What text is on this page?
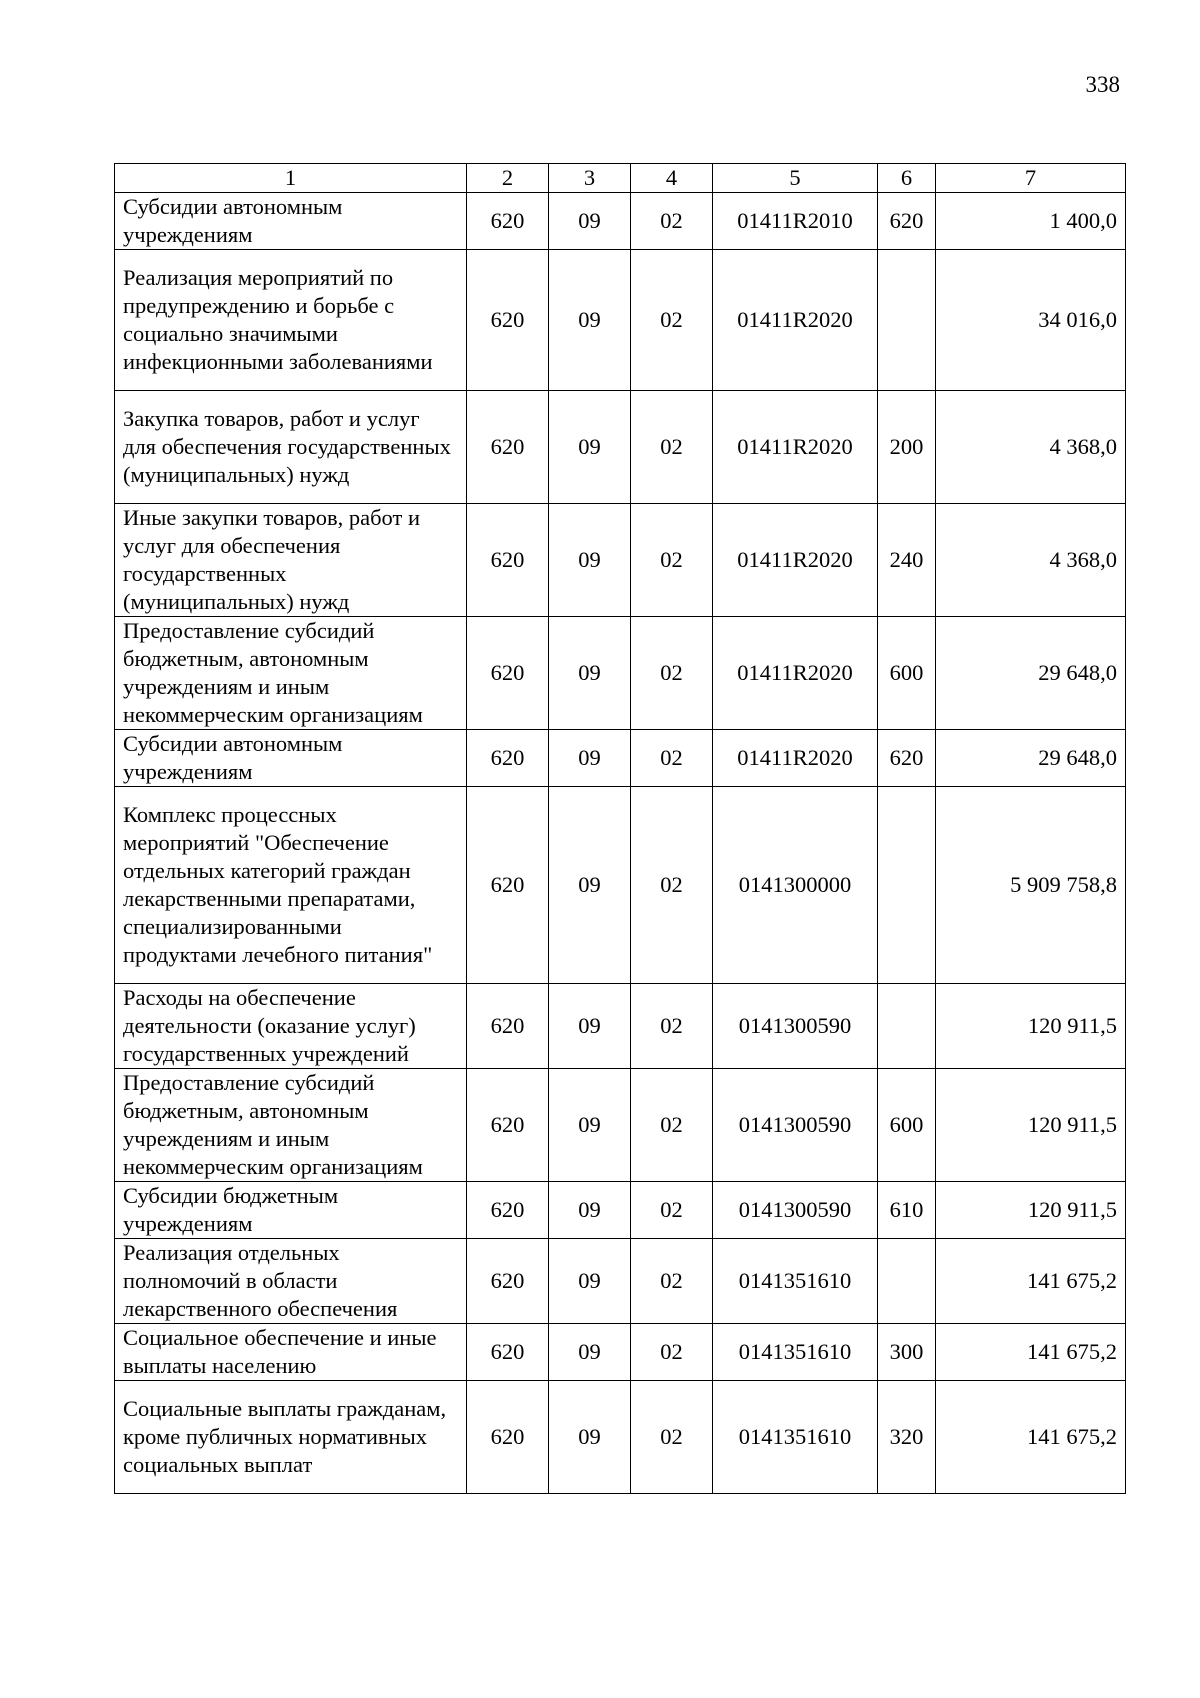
338
1	2	3	4	5	6	7
Субсидии автономным учреждениям	620	09	02	01411R2010	620	1 400,0
Реализация мероприятий по предупреждению и борьбе с социально значимыми инфекционными заболеваниями	620	09	02	01411R2020		34 016,0
Закупка товаров, работ и услуг для обеспечения государственных (муниципальных) нужд	620	09	02	01411R2020	200	4 368,0
Иные закупки товаров, работ и услуг для обеспечения государственных (муниципальных) нужд	620	09	02	01411R2020	240	4 368,0
Предоставление субсидий бюджетным, автономным учреждениям и иным некоммерческим организациям	620	09	02	01411R2020	600	29 648,0
Субсидии автономным учреждениям	620	09	02	01411R2020	620	29 648,0
Комплекс процессных мероприятий "Обеспечение отдельных категорий граждан лекарственными препаратами, специализированными продуктами лечебного питания"	620	09	02	0141300000		5 909 758,8
Расходы на обеспечение деятельности (оказание услуг) государственных учреждений	620	09	02	0141300590		120 911,5
Предоставление субсидий бюджетным, автономным учреждениям и иным некоммерческим организациям	620	09	02	0141300590	600	120 911,5
Субсидии бюджетным учреждениям	620	09	02	0141300590	610	120 911,5
Реализация отдельных полномочий в области лекарственного обеспечения	620	09	02	0141351610		141 675,2
Социальное обеспечение и иные выплаты населению	620	09	02	0141351610	300	141 675,2
Социальные выплаты гражданам, кроме публичных нормативных социальных выплат	620	09	02	0141351610	320	141 675,2
